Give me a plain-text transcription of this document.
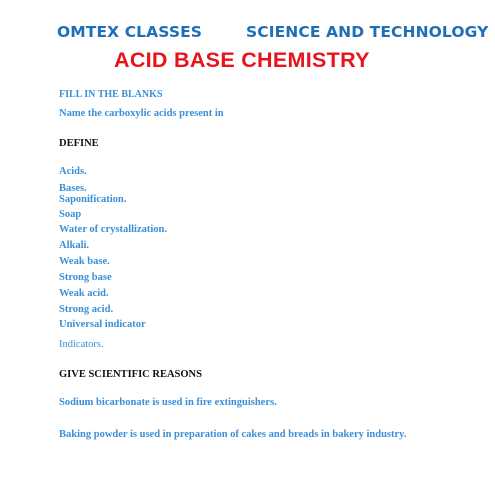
OMTEX CLASSES	SCIENCE AND TECHNOLOGY
ACID BASE CHEMISTRY
FILL IN THE BLANKS
Name the carboxylic acids present in
DEFINE
Acids.
Bases.
Saponification.
Soap
Water of crystallization.
Alkali.
Weak base.
Strong base
Weak acid.
Strong acid.
Universal indicator
Indicators.
GIVE SCIENTIFIC REASONS
Sodium bicarbonate is used in fire extinguishers.
Baking powder is used in preparation of cakes and breads in bakery industry.
